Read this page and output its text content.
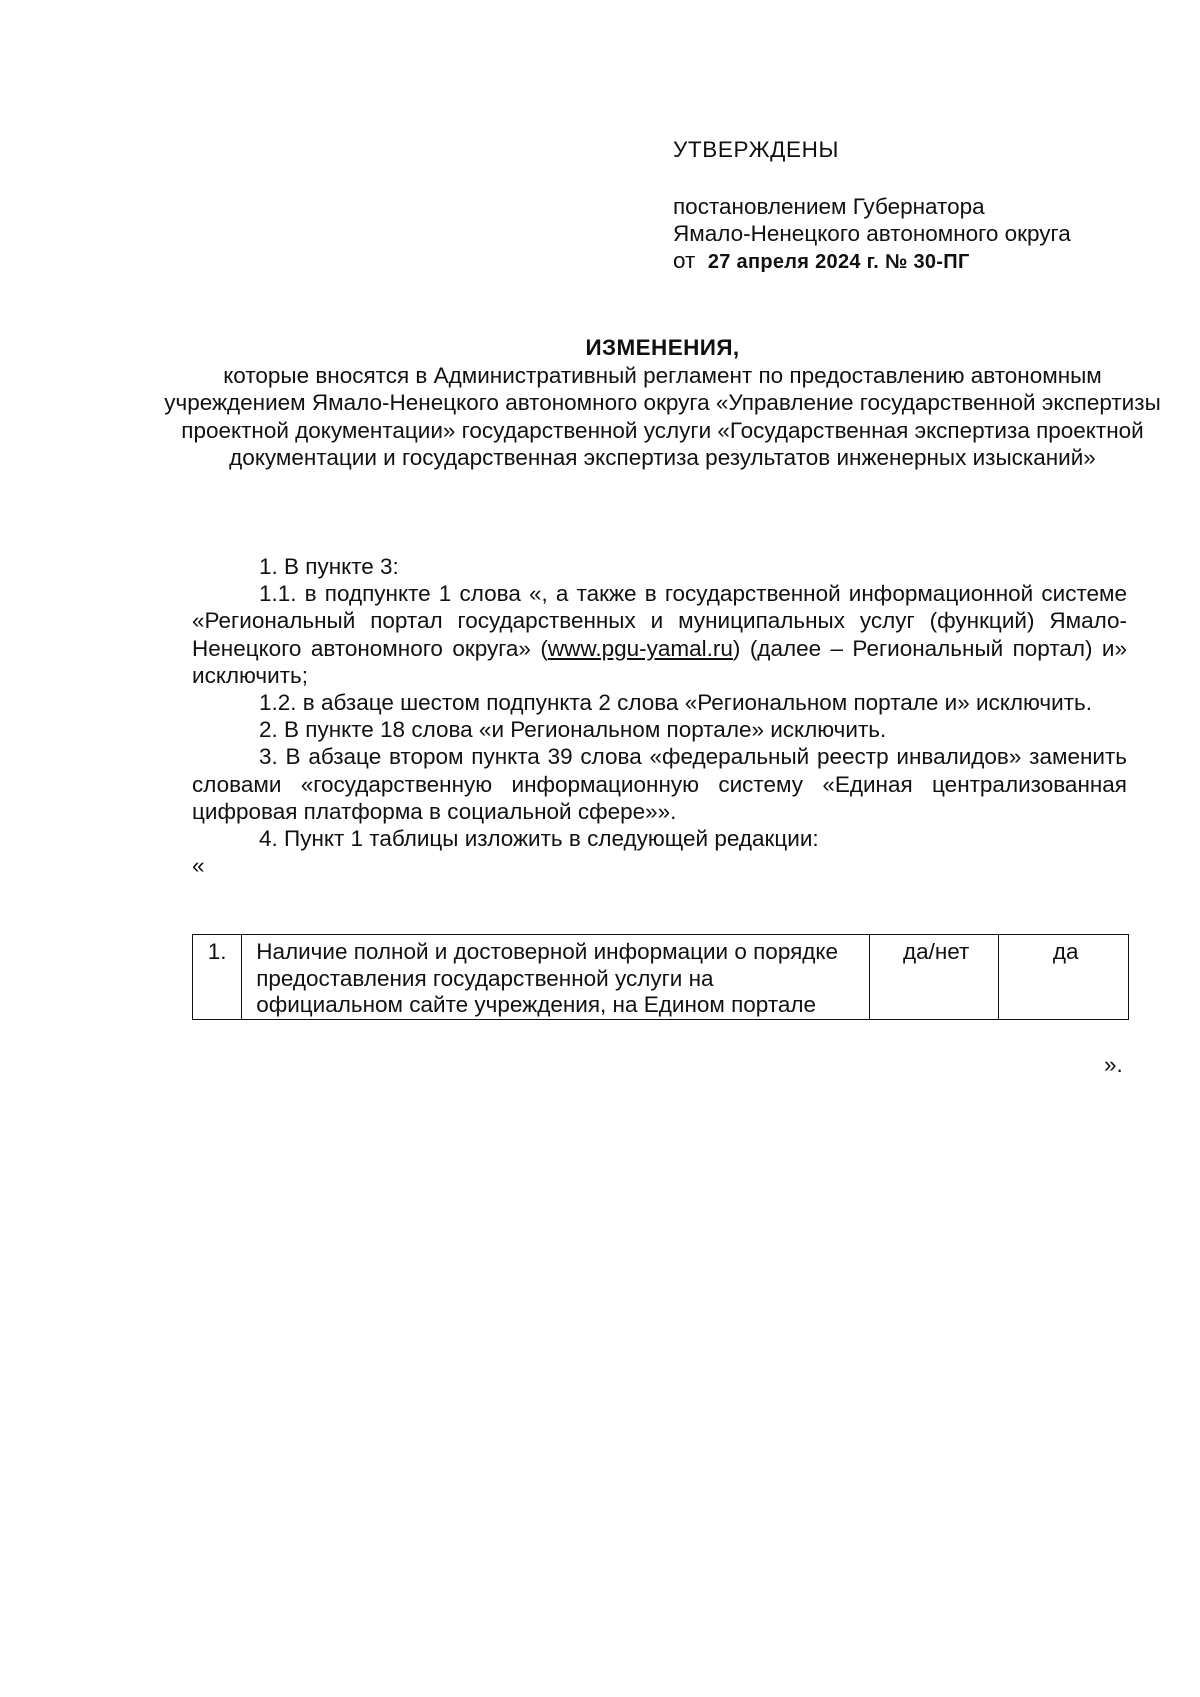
УТВЕРЖДЕНЫ
постановлением Губернатора
Ямало-Ненецкого автономного округа
от 27 апреля 2024 г. № 30-ПГ
ИЗМЕНЕНИЯ,
которые вносятся в Административный регламент по предоставлению автономным учреждением Ямало-Ненецкого автономного округа «Управление государственной экспертизы проектной документации» государственной услуги «Государственная экспертиза проектной документации и государственная экспертиза результатов инженерных изысканий»

1. В пункте 3:

1.1. в подпункте 1 слова «, а также в государственной информационной системе «Региональный портал государственных и муниципальных услуг (функций) Ямало-Ненецкого автономного округа» (www.pgu-yamal.ru) (далее – Региональный портал) и» исключить;

1.2. в абзаце шестом подпункта 2 слова «Региональном портале и» исключить.

2. В пункте 18 слова «и Региональном портале» исключить.

3. В абзаце втором пункта 39 слова «федеральный реестр инвалидов» заменить словами «государственную информационную систему «Единая централизованная цифровая платформа в социальной сфере»».

4. Пункт 1 таблицы изложить в следующей редакции:

«

1.	Наличие полной и достоверной информации о порядке предоставления государственной услуги на официальном сайте учреждения, на Едином портале	да/нет	да
».
